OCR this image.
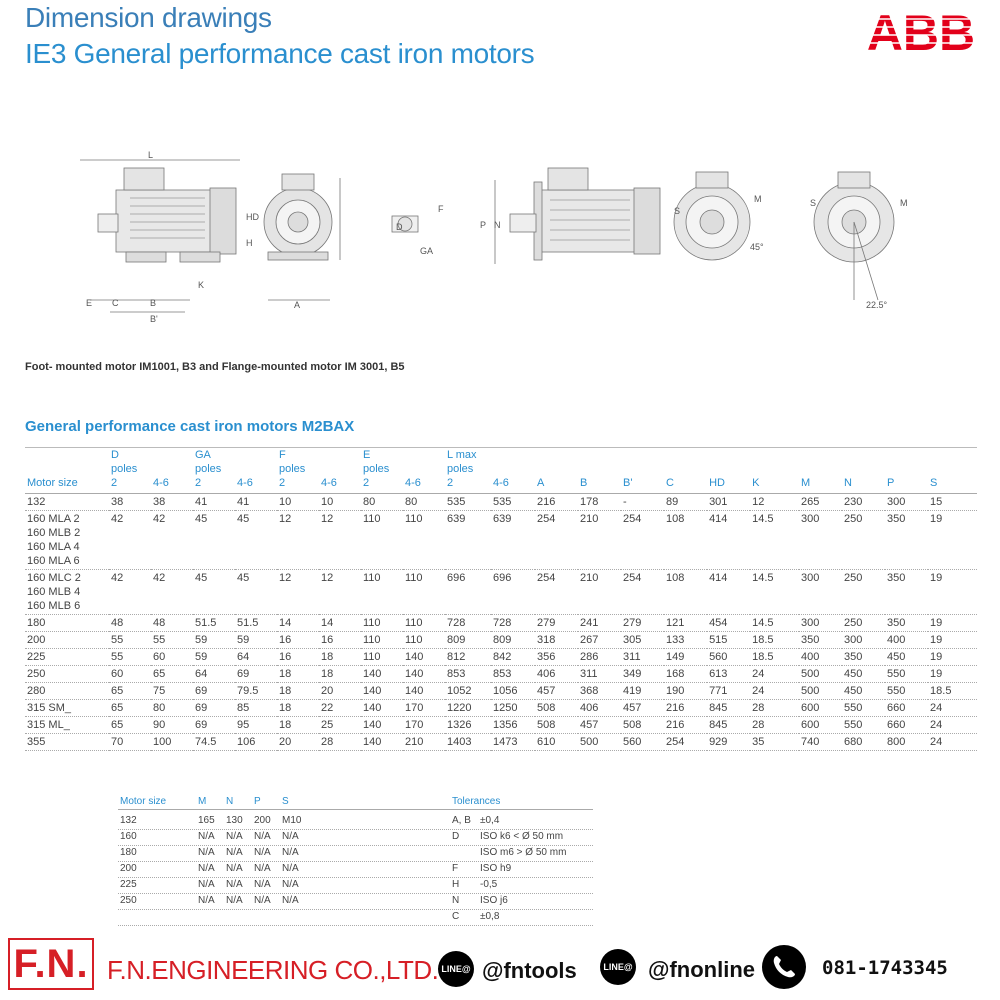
Dimension drawings
IE3 General performance cast iron motors	ABB
L
HD
H
K
E C	B
B'
A
D
F
GA
P N
S
M
45°
S	M
22.5°
Foot- mounted motor IM1001, B3 and Flange-mounted motor IM 3001, B5
General performance cast iron motors M2BAX
Motor size	D
poles
2	4-6	GA
poles
2	4-6	F
poles
2	4-6	E
poles
2	4-6	L max
poles
2	4-6	A	B	B'	C	HD	K	M	N	P	S
132	38	38	41	41	10	10	80	80	535	535	216	178	-	89	301	12	265	230	300	15
160 MLA 2
160 MLB 2
160 MLA 4
160 MLA 6	42	42	45	45	12	12	110	110	639	639	254	210	254	108	414	14.5	300	250	350	19
160 MLC 2
160 MLB 4
160 MLB 6	42	42	45	45	12	12	110	110	696	696	254	210	254	108	414	14.5	300	250	350	19
180	48	48	51.5	51.5	14	14	110	110	728	728	279	241	279	121	454	14.5	300	250	350	19
200	55	55	59	59	16	16	110	110	809	809	318	267	305	133	515	18.5	350	300	400	19
225	55	60	59	64	16	18	110	140	812	842	356	286	311	149	560	18.5	400	350	450	19
250	60	65	64	69	18	18	140	140	853	853	406	311	349	168	613	24	500	450	550	19
280	65	75	69	79.5	18	20	140	140	1052	1056	457	368	419	190	771	24	500	450	550	18.5
315 SM_	65	80	69	85	18	22	140	170	1220	1250	508	406	457	216	845	28	600	550	660	24
315 ML_	65	90	69	95	18	25	140	170	1326	1356	508	457	508	216	845	28	600	550	660	24
355	70	100	74.5	106	20	28	140	210	1403	1473	610	500	560	254	929	35	740	680	800	24
Motor size	M N P S	Tolerances
132	165 130 200 M10	A, B ±0,4
160	N/A N/A N/A N/A	D ISO k6 < Ø 50 mm
180	N/A N/A N/A N/A	ISO m6 > Ø 50 mm
200	N/A N/A N/A N/A	F ISO h9
225	N/A N/A N/A N/A	H -0,5
250	N/A N/A N/A N/A	N ISO j6
C ±0,8
F.N. F.N.ENGINEERING CO.,LTD. LINE@ @fntools	LINE@ @fnonline	081-1743345
